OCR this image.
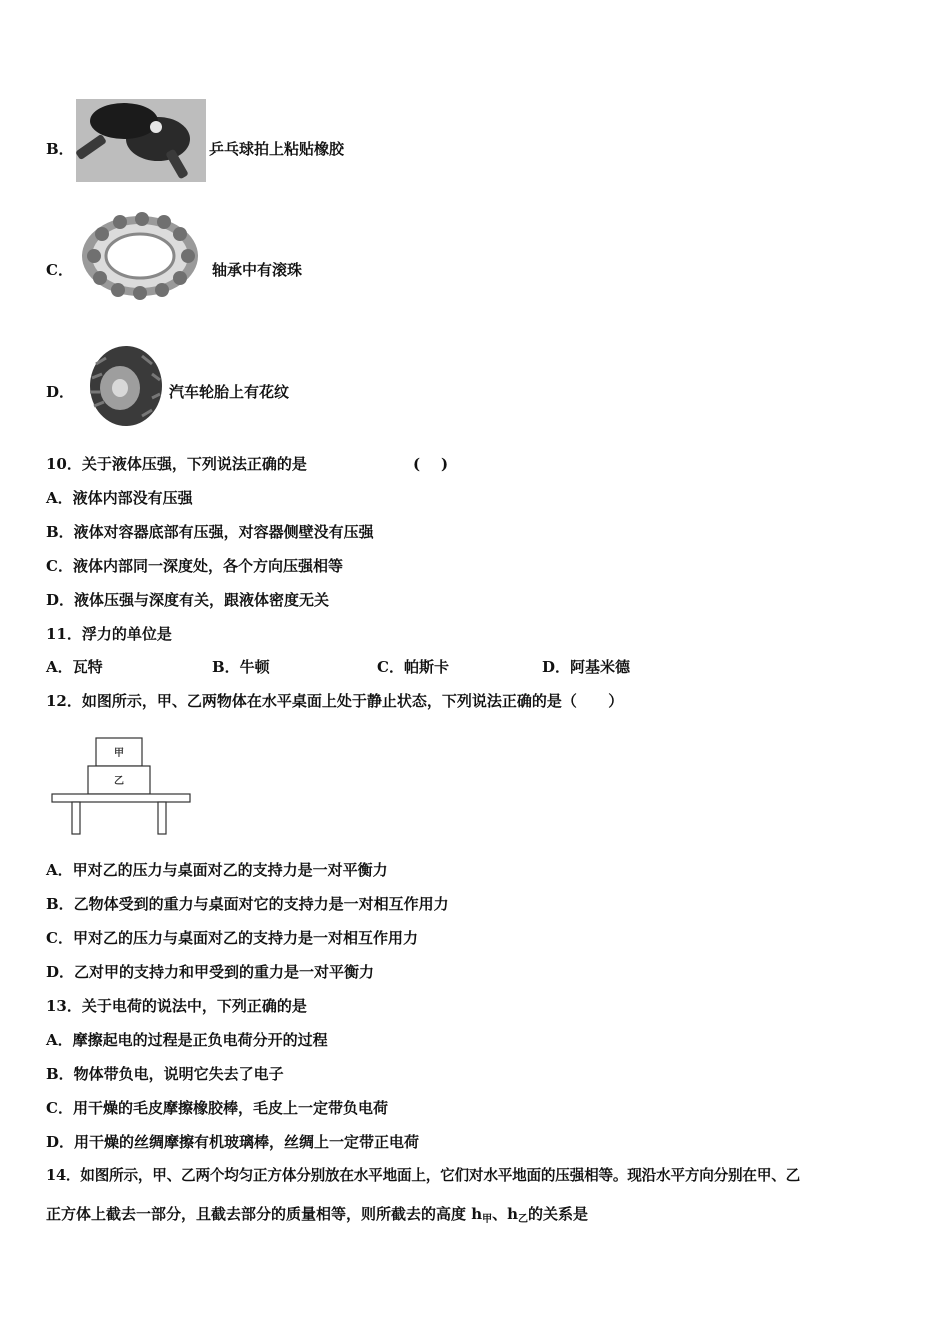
B．	乒乓球拍上粘贴橡胶
C．	轴承中有滚珠
D．	汽车轮胎上有花纹
10．关于液体压强，下列说法正确的是	(    )
A．液体内部没有压强
B．液体对容器底部有压强，对容器侧壁没有压强
C．液体内部同一深度处，各个方向压强相等
D．液体压强与深度有关，跟液体密度无关
11．浮力的单位是
A．瓦特	B．牛顿	C．帕斯卡	D．阿基米德
12．如图所示，甲、乙两物体在水平桌面上处于静止状态，下列说法正确的是（      ）
甲
乙
A．甲对乙的压力与桌面对乙的支持力是一对平衡力
B．乙物体受到的重力与桌面对它的支持力是一对相互作用力
C．甲对乙的压力与桌面对乙的支持力是一对相互作用力
D．乙对甲的支持力和甲受到的重力是一对平衡力
13．关于电荷的说法中，下列正确的是
A．摩擦起电的过程是正负电荷分开的过程
B．物体带负电，说明它失去了电子
C．用干燥的毛皮摩擦橡胶棒，毛皮上一定带负电荷
D．用干燥的丝绸摩擦有机玻璃棒，丝绸上一定带正电荷
14．如图所示，甲、乙两个均匀正方体分别放在水平地面上，它们对水平地面的压强相等。现沿水平方向分别在甲、乙
正方体上截去一部分，且截去部分的质量相等，则所截去的高度 $h_甲$、$h_乙$的关系是
